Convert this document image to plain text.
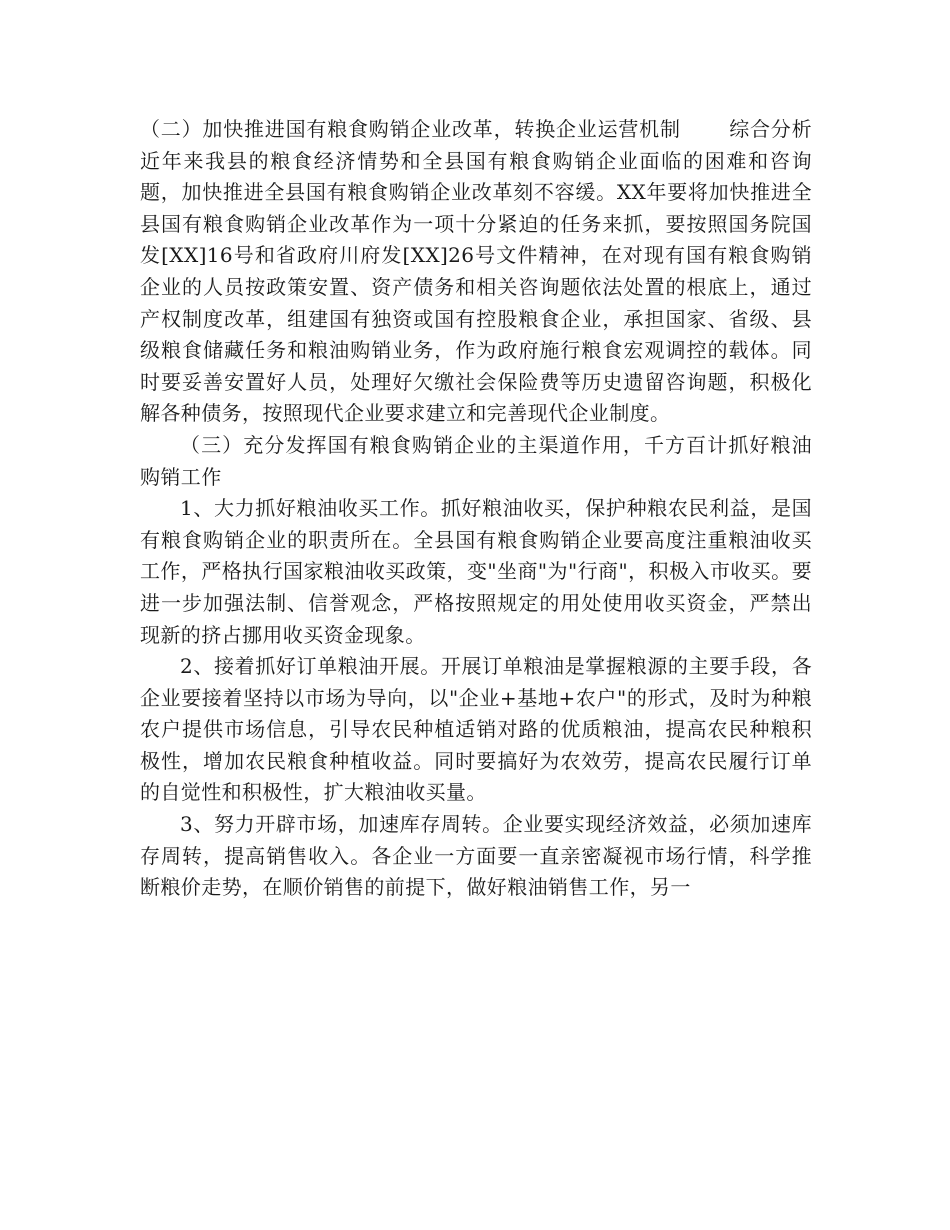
（二）加快推进国有粮食购销企业改革，转换企业运营机制 综合分析近年来我县的粮食经济情势和全县国有粮食购销企业面临的困难和咨询题，加快推进全县国有粮食购销企业改革刻不容缓。XX年要将加快推进全县国有粮食购销企业改革作为一项十分紧迫的任务来抓，要按照国务院国发[XX]16号和省政府川府发[XX]26号文件精神，在对现有国有粮食购销企业的人员按政策安置、资产债务和相关咨询题依法处置的根底上，通过产权制度改革，组建国有独资或国有控股粮食企业，承担国家、省级、县级粮食储藏任务和粮油购销业务，作为政府施行粮食宏观调控的载体。同时要妥善安置好人员，处理好欠缴社会保险费等历史遗留咨询题，积极化解各种债务，按照现代企业要求建立和完善现代企业制度。

（三）充分发挥国有粮食购销企业的主渠道作用，千方百计抓好粮油购销工作

1、大力抓好粮油收买工作。抓好粮油收买，保护种粮农民利益，是国有粮食购销企业的职责所在。全县国有粮食购销企业要高度注重粮油收买工作，严格执行国家粮油收买政策，变"坐商"为"行商"，积极入市收买。要进一步加强法制、信誉观念，严格按照规定的用处使用收买资金，严禁出现新的挤占挪用收买资金现象。

2、接着抓好订单粮油开展。开展订单粮油是掌握粮源的主要手段，各企业要接着坚持以市场为导向，以"企业+基地+农户"的形式，及时为种粮农户提供市场信息，引导农民种植适销对路的优质粮油，提高农民种粮积极性，增加农民粮食种植收益。同时要搞好为农效劳，提高农民履行订单的自觉性和积极性，扩大粮油收买量。

3、努力开辟市场，加速库存周转。企业要实现经济效益，必须加速库存周转，提高销售收入。各企业一方面要一直亲密凝视市场行情，科学推断粮价走势，在顺价销售的前提下，做好粮油销售工作，另一
